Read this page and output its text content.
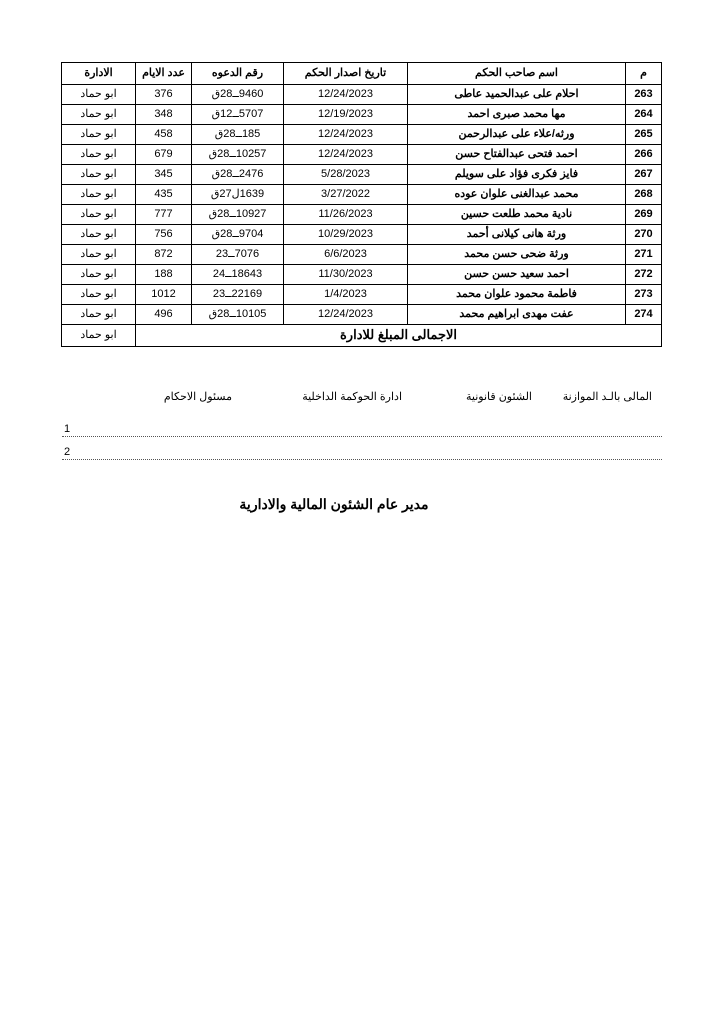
م	اسم صاحب الحكم	تاريخ اصدار الحكم	رقم الدعوه	عدد الايام	الادارة
263	احلام على عبدالحميد عاطى	12/24/2023	9460ــ28ق	376	ابو حماد
264	مها محمد صبرى احمد	12/19/2023	5707ــ12ق	348	ابو حماد
265	ورثه/علاء على عبدالرحمن	12/24/2023	185ــ28ق	458	ابو حماد
266	احمد فتحى عبدالفتاح حسن	12/24/2023	10257ــ28ق	679	ابو حماد
267	فايز فكرى فؤاد على سويلم	5/28/2023	2476ــ28ق	345	ابو حماد
268	محمد عبدالغنى علوان عوده	3/27/2022	1639ل27ق	435	ابو حماد
269	نادية محمد طلعت حسين	11/26/2023	10927ــ28ق	777	ابو حماد
270	ورثة هانى كيلانى أحمد	10/29/2023	9704ــ28ق	756	ابو حماد
271	ورثة ضحى حسن محمد	6/6/2023	7076ــ23	872	ابو حماد
272	احمد سعيد حسن حسن	11/30/2023	18643ــ24	188	ابو حماد
273	فاطمة محمود علوان محمد	1/4/2023	22169ــ23	1012	ابو حماد
274	عفت مهدى ابراهيم محمد	12/24/2023	10105ــ28ق	496	ابو حماد
الاجمالى المبلغ للادارة					ابو حماد
مسئول الاحكام	ادارة الحوكمة الداخلية	الشئون قانونية	المالى بالـد الموازنة
1
2
مدير عام الشئون المالية والادارية
